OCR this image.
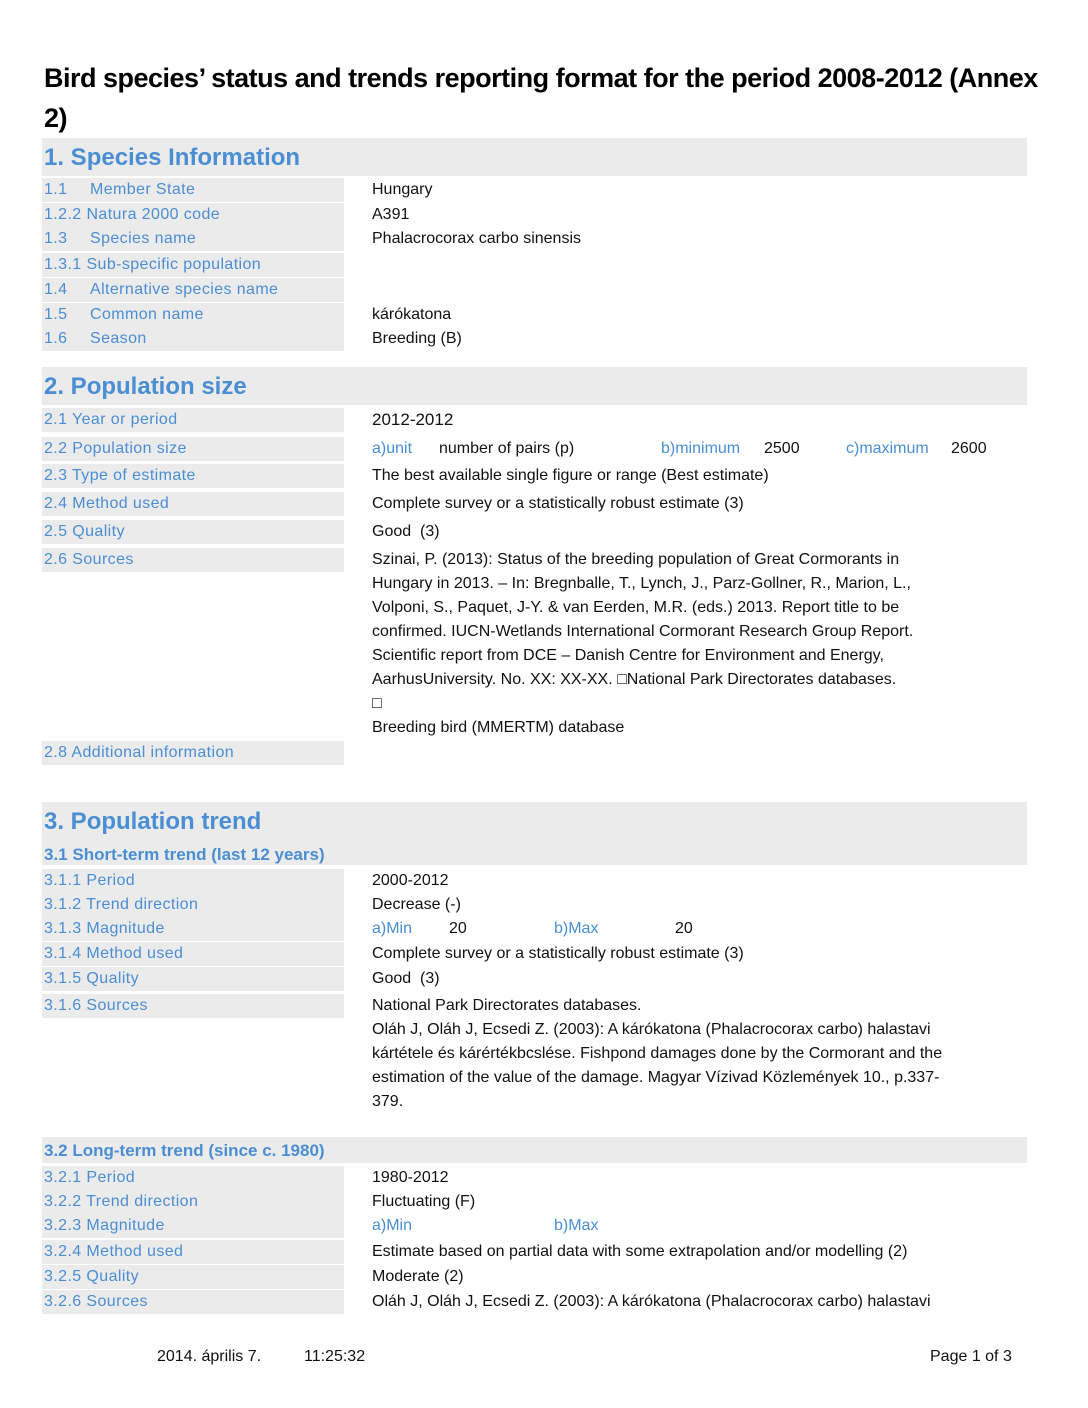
Bird species’ status and trends reporting format for the period 2008-2012 (Annex 2)
1. Species Information
1.1 Member State	Hungary
1.2.2 Natura 2000 code	A391
1.3 Species name	Phalacrocorax carbo sinensis
1.3.1 Sub-specific population
1.4 Alternative species name
1.5 Common name	kárókatona
1.6 Season	Breeding (B)
2. Population size
2.1 Year or period	2012-2012
2.2 Population size	a)unit number of pairs (p)	b)minimum 2500	c)maximum 2600
2.3 Type of estimate	The best available single figure or range (Best estimate)
2.4 Method used	Complete survey or a statistically robust estimate (3)
2.5 Quality	Good  (3)
2.6 Sources	Szinai, P. (2013): Status of the breeding population of Great Cormorants in
Hungary in 2013. – In: Bregnballe, T., Lynch, J., Parz-Gollner, R., Marion, L.,
Volponi, S., Paquet, J-Y. & van Eerden, M.R. (eds.) 2013. Report title to be
confirmed. IUCN-Wetlands International Cormorant Research Group Report.
Scientific report from DCE – Danish Centre for Environment and Energy,
AarhusUniversity. No. XX: XX-XX. □National Park Directorates databases.
□
Breeding bird (MMERTM) database
2.8 Additional information
3. Population trend
3.1 Short-term trend (last 12 years)
3.1.1 Period	2000-2012
3.1.2 Trend direction	Decrease (-)
3.1.3 Magnitude	a)Min 20	b)Max	20
3.1.4 Method used	Complete survey or a statistically robust estimate (3)
3.1.5 Quality	Good  (3)
3.1.6 Sources	National Park Directorates databases.
Oláh J, Oláh J, Ecsedi Z. (2003): A kárókatona (Phalacrocorax carbo) halastavi
kártétele és kárértékbcslése. Fishpond damages done by the Cormorant and the
estimation of the value of the damage. Magyar Vízivad Közlemények 10., p.337-
379.
3.2 Long-term trend (since c. 1980)
3.2.1 Period	1980-2012
3.2.2 Trend direction	Fluctuating (F)
3.2.3 Magnitude	a)Min	b)Max
3.2.4 Method used	Estimate based on partial data with some extrapolation and/or modelling (2)
3.2.5 Quality	Moderate (2)
3.2.6 Sources	Oláh J, Oláh J, Ecsedi Z. (2003): A kárókatona (Phalacrocorax carbo) halastavi
2014. április 7.	11:25:32	Page 1 of 3
